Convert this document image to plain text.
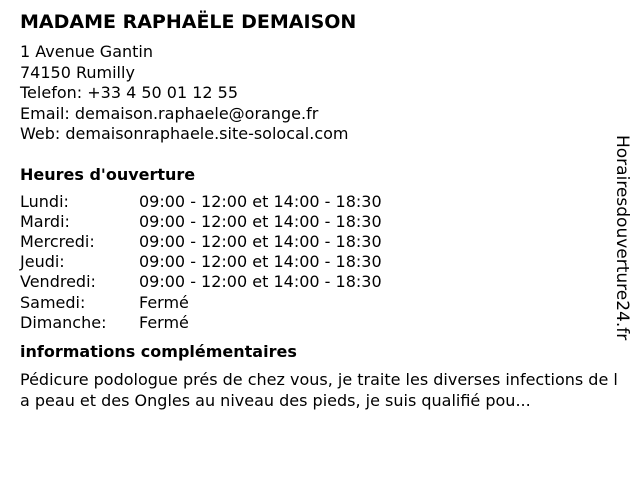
MADAME RAPHAËLE DEMAISON
1 Avenue Gantin
74150 Rumilly
Telefon: +33 4 50 01 12 55
Email: demaison.raphaele@orange.fr
Web: demaisonraphaele.site-solocal.com
Heures d'ouverture
Lundi:	09:00 - 12:00 et 14:00 - 18:30
Mardi:	09:00 - 12:00 et 14:00 - 18:30
Mercredi:	09:00 - 12:00 et 14:00 - 18:30
Jeudi:	09:00 - 12:00 et 14:00 - 18:30
Vendredi:	09:00 - 12:00 et 14:00 - 18:30
Samedi:	Fermé
Dimanche:	Fermé
informations complémentaires

Pédicure podologue prés de chez vous, je traite les diverses infections de la peau et des Ongles au niveau des pieds, je suis qualifié pou...

Horairesdouverture24.fr
